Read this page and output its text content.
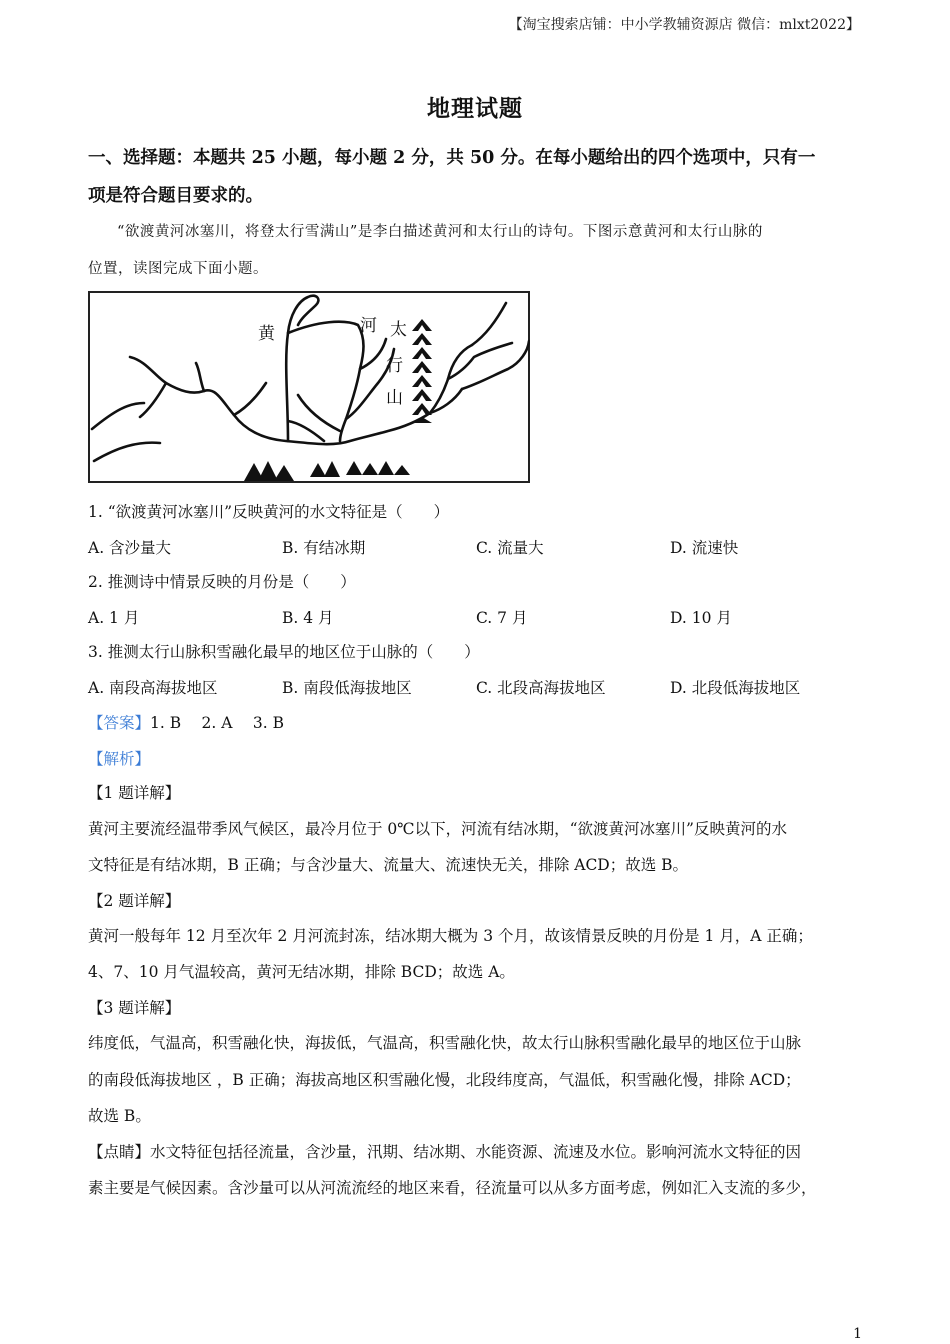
【淘宝搜索店铺：中小学教辅资源店 微信：mlxt2022】
地理试题
一、选择题：本题共 25 小题，每小题 2 分，共 50 分。在每小题给出的四个选项中，只有一
项是符合题目要求的。
“欲渡黄河冰塞川，将登太行雪满山”是李白描述黄河和太行山的诗句。下图示意黄河和太行山脉的
位置，读图完成下面小题。
黄	河 太
行
山
1. “欲渡黄河冰塞川”反映黄河的水文特征是（　　）
A. 含沙量大	B. 有结冰期	C. 流量大	D. 流速快
2. 推测诗中情景反映的月份是（　　）
A. 1 月	B. 4 月	C. 7 月	D. 10 月
3. 推测太行山脉积雪融化最早的地区位于山脉的（　　）
A. 南段高海拔地区	B. 南段低海拔地区	C. 北段高海拔地区	D. 北段低海拔地区
【答案】1. B　 2. A　 3. B
【解析】
【1 题详解】
黄河主要流经温带季风气候区，最冷月位于 0℃以下，河流有结冰期，“欲渡黄河冰塞川”反映黄河的水
文特征是有结冰期，B 正确；与含沙量大、流量大、流速快无关，排除 ACD；故选 B。
【2 题详解】
黄河一般每年 12 月至次年 2 月河流封冻，结冰期大概为 3 个月，故该情景反映的月份是 1 月，A 正确；
4、7、10 月气温较高，黄河无结冰期，排除 BCD；故选 A。
【3 题详解】
纬度低，气温高，积雪融化快，海拔低，气温高，积雪融化快，故太行山脉积雪融化最早的地区位于山脉
的南段低海拔地区 ，B 正确；海拔高地区积雪融化慢，北段纬度高，气温低，积雪融化慢，排除 ACD；
故选 B。
【点睛】水文特征包括径流量，含沙量，汛期、结冰期、水能资源、流速及水位。影响河流水文特征的因
素主要是气候因素。含沙量可以从河流流经的地区来看，径流量可以从多方面考虑，例如汇入支流的多少，
1
